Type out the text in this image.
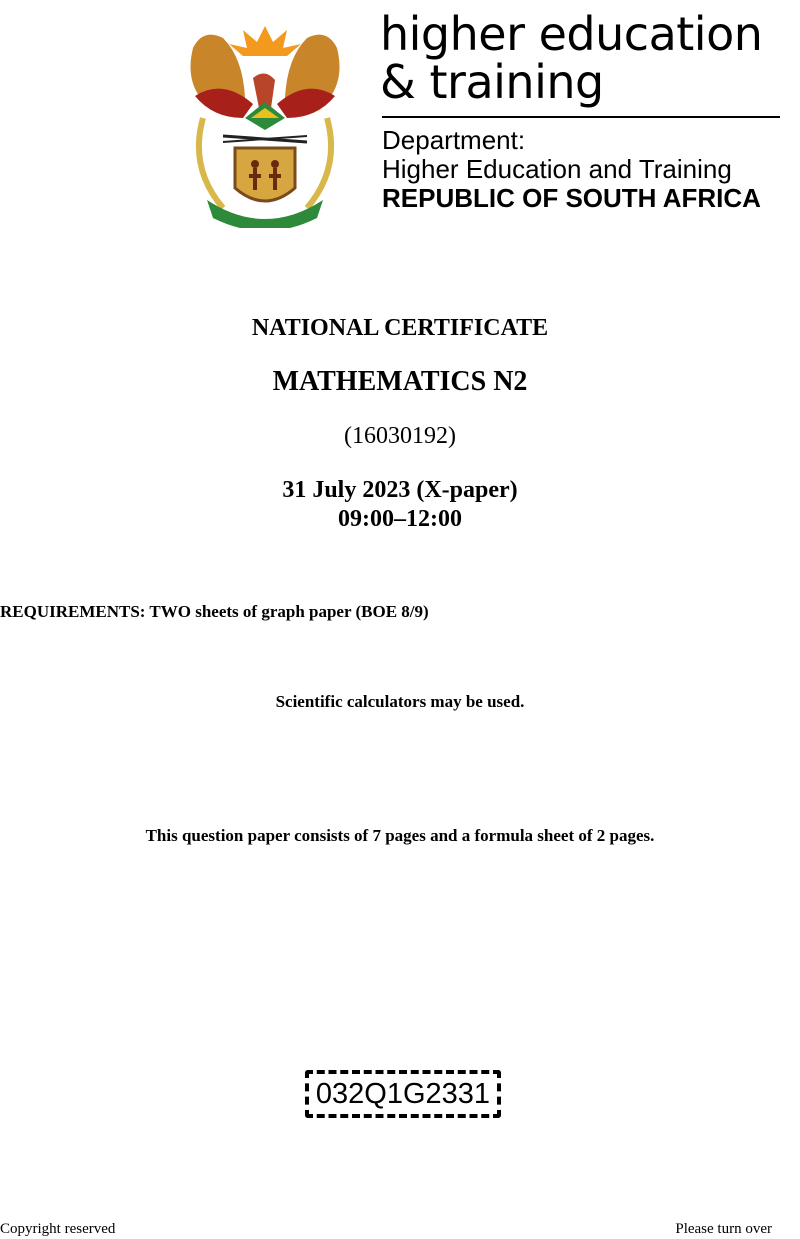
higher education
& training
Department:
Higher Education and Training
REPUBLIC OF SOUTH AFRICA
NATIONAL CERTIFICATE
MATHEMATICS N2
(16030192)
31 July 2023 (X-paper)
09:00–12:00
REQUIREMENTS: TWO sheets of graph paper (BOE 8/9)
Scientific calculators may be used.
This question paper consists of 7 pages and a formula sheet of 2 pages.
032Q1G2331
Copyright reserved	Please turn over
